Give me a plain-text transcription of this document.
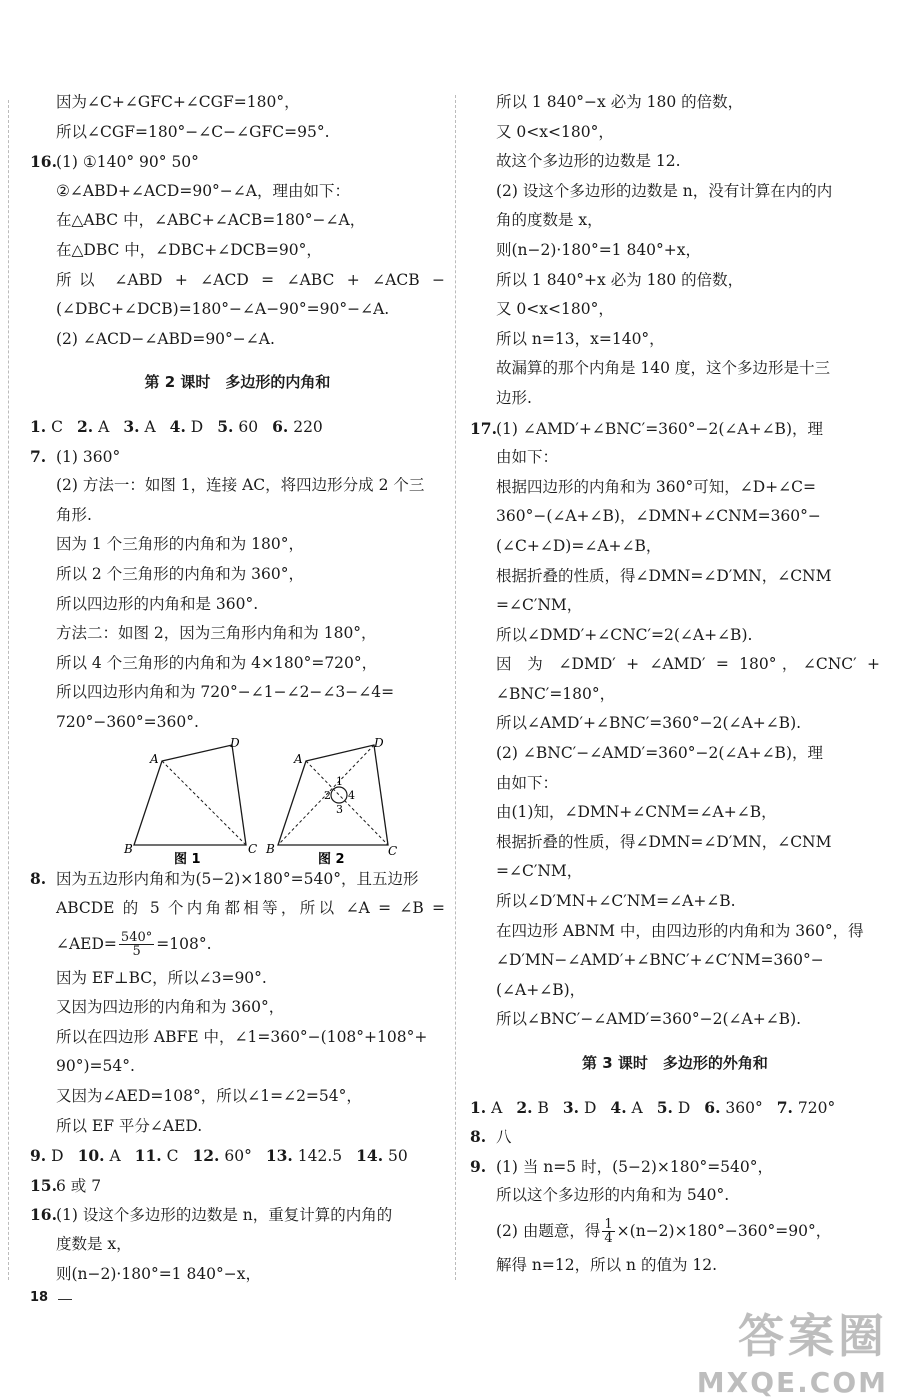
因为∠C+∠GFC+∠CGF=180°，
所以∠CGF=180°−∠C−∠GFC=95°.
16.(1) ①140° 90° 50°
②∠ABD+∠ACD=90°−∠A，理由如下：
在△ABC 中，∠ABC+∠ACB=180°−∠A，
在△DBC 中，∠DBC+∠DCB=90°，
所以 ∠ABD + ∠ACD = ∠ABC + ∠ACB −
(∠DBC+∠DCB)=180°−∠A−90°=90°−∠A.
(2) ∠ACD−∠ABD=90°−∠A.
第 2 课时　多边形的内角和
1. C 2. A 3. A 4. D 5. 60 6. 220
7. (1) 360°
(2) 方法一：如图 1，连接 AC，将四边形分成 2 个三
角形.
因为 1 个三角形的内角和为 180°，
所以 2 个三角形的内角和为 360°，
所以四边形的内角和是 360°.
方法二：如图 2，因为三角形内角和为 180°，
所以 4 个三角形的内角和为 4×180°=720°，
所以四边形内角和为 720°−∠1−∠2−∠3−∠4=
720°−360°=360°.
A
B	C
D
图 1
1
2
3
4
A
B	C
D
图 2
8. 因为五边形内角和为(5−2)×180°=540°，且五边形
ABCDE 的 5 个内角都相等，所以 ∠A = ∠B =
∠AED= $\frac{540^\circ}{5} =108^\circ$.
因为 EF⊥BC，所以∠3=90°.
又因为四边形的内角和为 360°，
所以在四边形 ABFE 中，∠1=360°−(108°+108°+
90°)=54°.
又因为∠AED=108°，所以∠1=∠2=54°，
所以 EF 平分∠AED.
9. D 10. A 11. C 12. 60° 13. 142.5 14. 50
15.6 或 7
16.(1) 设这个多边形的边数是 n，重复计算的内角的
度数是 x，
则(n−2)·180°=1 840°−x，
所以 1 840°−x 必为 180 的倍数，
又 0<x<180°，
故这个多边形的边数是 12.
(2) 设这个多边形的边数是 n，没有计算在内的内
角的度数是 x，
则(n−2)·180°=1 840°+x，
所以 1 840°+x 必为 180 的倍数，
又 0<x<180°，
所以 n=13，x=140°，
故漏算的那个内角是 140 度，这个多边形是十三
边形.
17.(1) ∠AMD′+∠BNC′=360°−2(∠A+∠B)，理
由如下：
根据四边形的内角和为 360°可知，∠D+∠C=
360°−(∠A+∠B)，∠DMN+∠CNM=360°−
(∠C+∠D)=∠A+∠B，
根据折叠的性质，得∠DMN=∠D′MN，∠CNM
=∠C′NM，
所以∠DMD′+∠CNC′=2(∠A+∠B).
因 为 ∠DMD′ + ∠AMD′ = 180°，∠CNC′ +
∠BNC′=180°，
所以∠AMD′+∠BNC′=360°−2(∠A+∠B).
(2) ∠BNC′−∠AMD′=360°−2(∠A+∠B)，理
由如下：
由(1)知，∠DMN+∠CNM=∠A+∠B，
根据折叠的性质，得∠DMN=∠D′MN，∠CNM
=∠C′NM，
所以∠D′MN+∠C′NM=∠A+∠B.
在四边形 ABNM 中，由四边形的内角和为 360°，得
∠D′MN−∠AMD′+∠BNC′+∠C′NM=360°−
(∠A+∠B)，
所以∠BNC′−∠AMD′=360°−2(∠A+∠B).
第 3 课时　多边形的外角和
1. A 2. B 3. D 4. A 5. D 6. 360° 7. 720°
8. 八
9. (1) 当 n=5 时，(5−2)×180°=540°，
所以这个多边形的内角和为 540°.
(2) 由题意，得 $\frac{1}{4} \times(n-2)\times 180^\circ-360^\circ=90^\circ$，
解得 n=12，所以 n 的值为 12.
18
答案圈
MXQE.COM
